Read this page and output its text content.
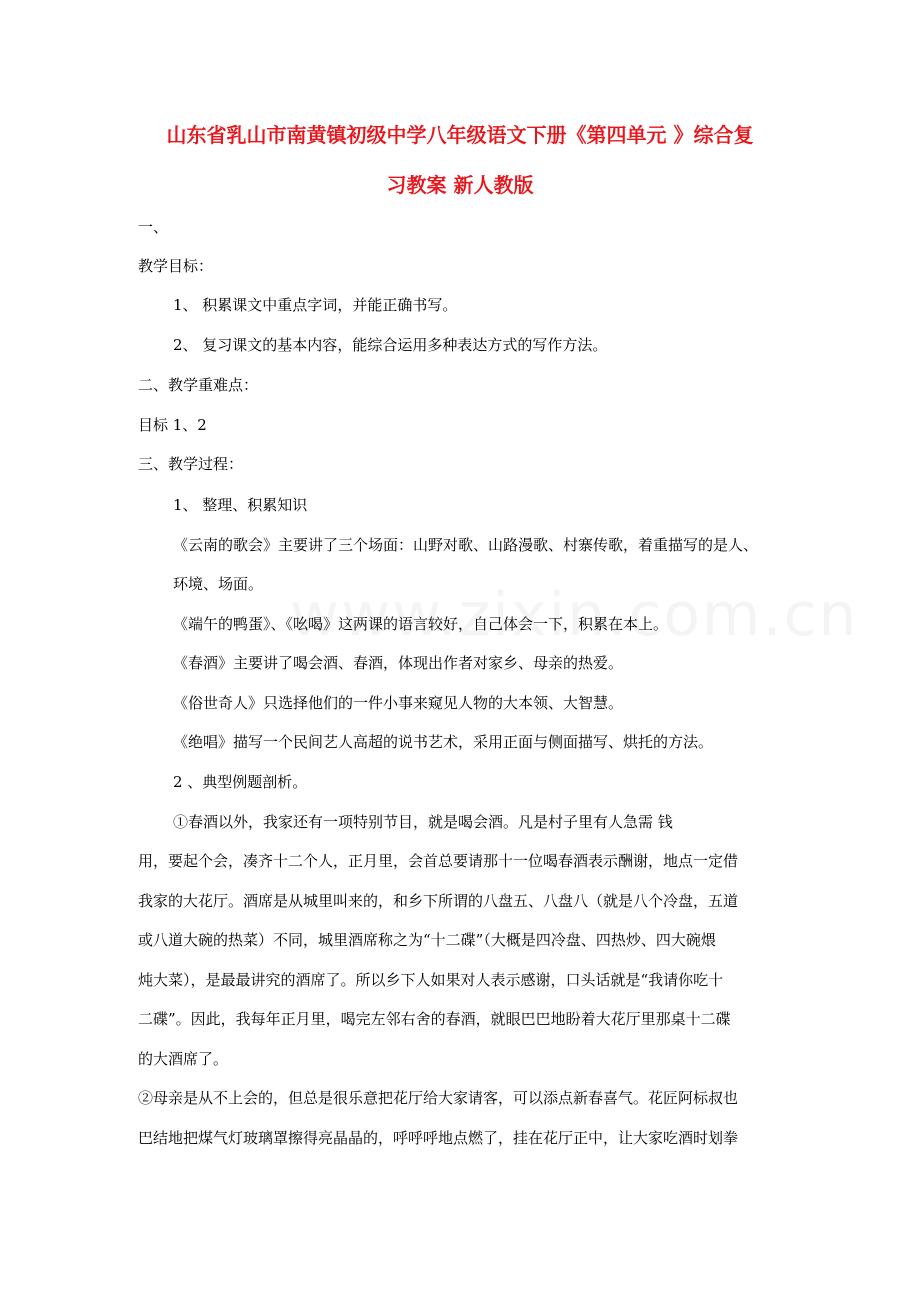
山东省乳山市南黄镇初级中学八年级语文下册《第四单元 》综合复
习教案 新人教版

一、

教学目标：

1、 积累课文中重点字词，并能正确书写。

2、 复习课文的基本内容，能综合运用多种表达方式的写作方法。

二、教学重难点：

目标 1、2

三、教学过程：

1、 整理、积累知识

《云南的歌会》主要讲了三个场面：山野对歌、山路漫歌、村寨传歌，着重描写的是人、

环境、场面。

《端午的鸭蛋》、《吆喝》这两课的语言较好，自己体会一下，积累在本上。

《春酒》主要讲了喝会酒、春酒，体现出作者对家乡、母亲的热爱。

《俗世奇人》只选择他们的一件小事来窥见人物的大本领、大智慧。

《绝唱》描写一个民间艺人高超的说书艺术，采用正面与侧面描写、烘托的方法。

2 、典型例题剖析。

①春酒以外，我家还有一项特别节目，就是喝会酒。凡是村子里有人急需 钱

用，要起个会，凑齐十二个人，正月里，会首总要请那十一位喝春酒表示酬谢，地点一定借

我家的大花厅。酒席是从城里叫来的，和乡下所谓的八盘五、八盘八（就是八个冷盘，五道

或八道大碗的热菜）不同，城里酒席称之为“十二碟”（大概是四冷盘、四热炒、四大碗煨

炖大菜），是最最讲究的酒席了。所以乡下人如果对人表示感谢，口头话就是“我请你吃十

二碟”。因此，我每年正月里，喝完左邻右舍的春酒，就眼巴巴地盼着大花厅里那桌十二碟

的大酒席了。

②母亲是从不上会的，但总是很乐意把花厅给大家请客，可以添点新春喜气。花匠阿标叔也

巴结地把煤气灯玻璃罩擦得亮晶晶的，呼呼呼地点燃了，挂在花厅正中，让大家吃酒时划拳
